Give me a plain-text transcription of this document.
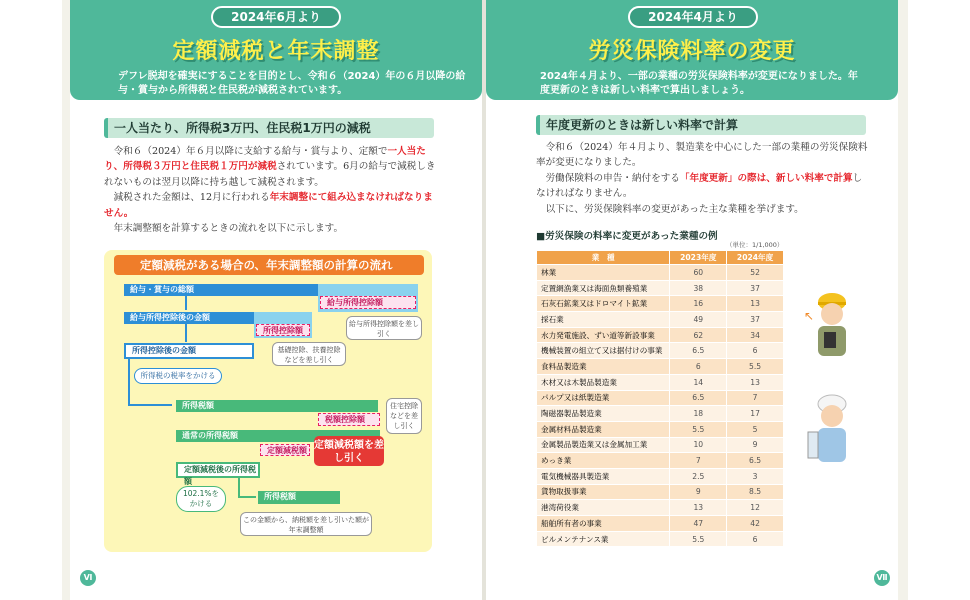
2024年6月より
定額減税と年末調整
デフレ脱却を確実にすることを目的とし、令和６（2024）年の６月以降の給与・賞与から所得税と住民税が減税されています。
一人当たり、所得税3万円、住民税1万円の減税

令和６（2024）年６月以降に支給する給与・賞与より、定額で一人当たり、所得税３万円と住民税１万円が減税されています。6月の給与で減税しきれないものは翌月以降に持ち越して減税されます。

減税された金額は、12月に行われる年末調整にて組み込まなければなりません。

年末調整額を計算するときの流れを以下に示します。

定額減税がある場合の、年末調整額の計算の流れ
給与・賞与の総額
給与所得控除額
給与所得控除額を差し引く
給与所得控除後の金額
所得控除額
基礎控除、扶養控除などを差し引く
所得控除後の金額
所得税の税率をかける
所得税額
税額控除額
住宅控除などを差し引く
通常の所得税額
定額減税額 定額減税額を差し引く
定額減税後の所得税額
102.1%をかける
所得税額
この金額から、納税額を差し引いた額が年末調整額
Ⅵ
2024年4月より
労災保険料率の変更
2024年４月より、一部の業種の労災保険料率が変更になりました。年度更新のときは新しい料率で算出しましょう。
年度更新のときは新しい料率で計算

令和６（2024）年４月より、製造業を中心にした一部の業種の労災保険料率が変更になりました。

労働保険料の申告・納付をする「年度更新」の際は、新しい料率で計算しなければなりません。

以下に、労災保険料率の変更があった主な業種を挙げます。

■労災保険の料率に変更があった業種の例
（単位：1/1,000）
業　種	2023年度	2024年度
林業	60	52
定置網漁業又は海面魚類養殖業	38	37
石灰石鉱業又はドロマイト鉱業	16	13
採石業	49	37
水力発電施設、ずい道等新設事業	62	34
機械装置の組立て又は据付けの事業	6.5	6
食料品製造業	6	5.5
木材又は木製品製造業	14	13
パルプ又は紙製造業	6.5	7
陶磁器製品製造業	18	17
金属材料品製造業	5.5	5
金属製品製造業又は金属加工業	10	9
めっき業	7	6.5
電気機械器具製造業	2.5	3
貨物取扱事業	9	8.5
港湾荷役業	13	12
船舶所有者の事業	47	42
ビルメンテナンス業	5.5	6
↖
Ⅶ
